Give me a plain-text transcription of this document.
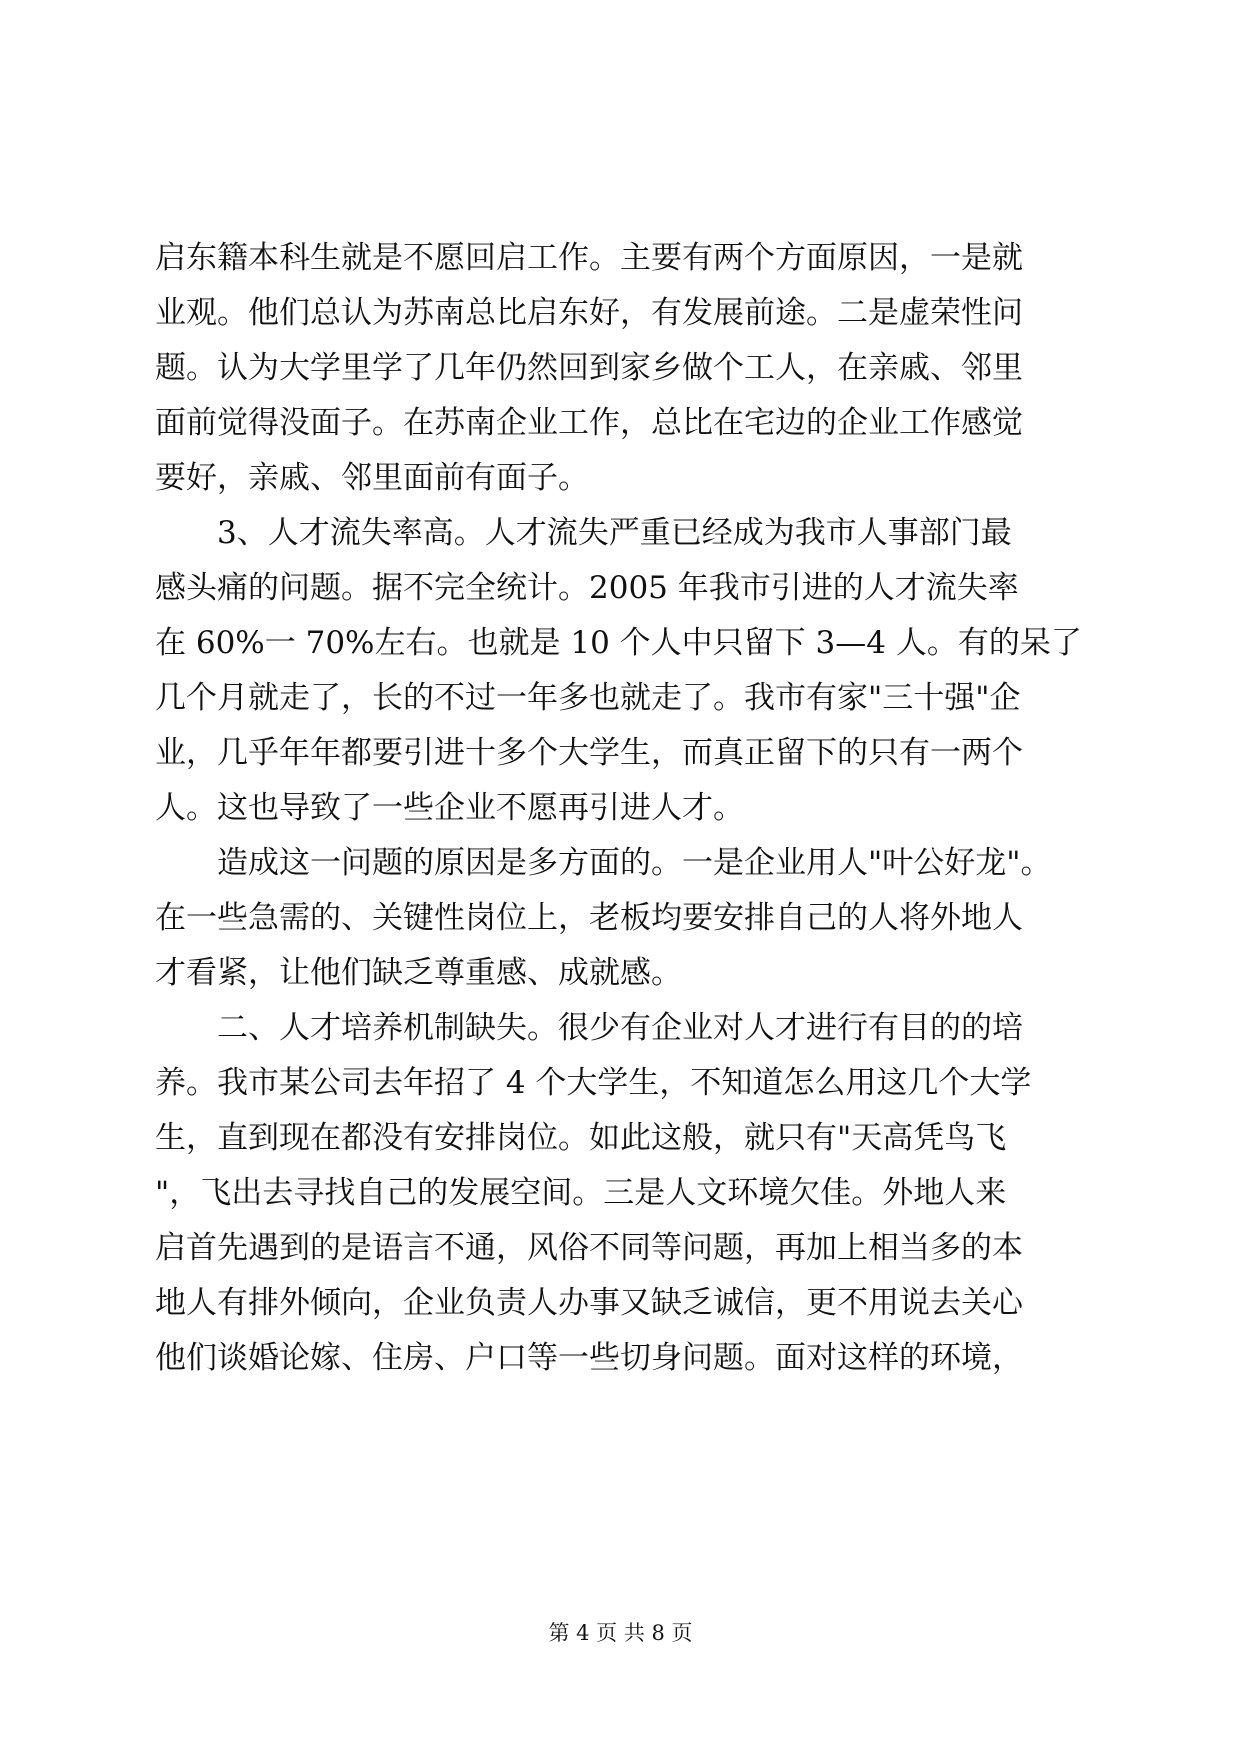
启东籍本科生就是不愿回启工作。主要有两个方面原因，一是就
业观。他们总认为苏南总比启东好，有发展前途。二是虚荣性问
题。认为大学里学了几年仍然回到家乡做个工人，在亲戚、邻里
面前觉得没面子。在苏南企业工作，总比在宅边的企业工作感觉
要好，亲戚、邻里面前有面子。
3、人才流失率高。人才流失严重已经成为我市人事部门最
感头痛的问题。据不完全统计。2005 年我市引进的人才流失率
在 60%一 70%左右。也就是 10 个人中只留下 3—4 人。有的呆了
几个月就走了，长的不过一年多也就走了。我市有家"三十强"企
业，几乎年年都要引进十多个大学生，而真正留下的只有一两个
人。这也导致了一些企业不愿再引进人才。
造成这一问题的原因是多方面的。一是企业用人"叶公好龙"。
在一些急需的、关键性岗位上，老板均要安排自己的人将外地人
才看紧，让他们缺乏尊重感、成就感。
二、人才培养机制缺失。很少有企业对人才进行有目的的培
养。我市某公司去年招了 4 个大学生，不知道怎么用这几个大学
生，直到现在都没有安排岗位。如此这般，就只有"天高凭鸟飞
"，飞出去寻找自己的发展空间。三是人文环境欠佳。外地人来
启首先遇到的是语言不通，风俗不同等问题，再加上相当多的本
地人有排外倾向，企业负责人办事又缺乏诚信，更不用说去关心
他们谈婚论嫁、住房、户口等一些切身问题。面对这样的环境，
第 4 页 共 8 页
